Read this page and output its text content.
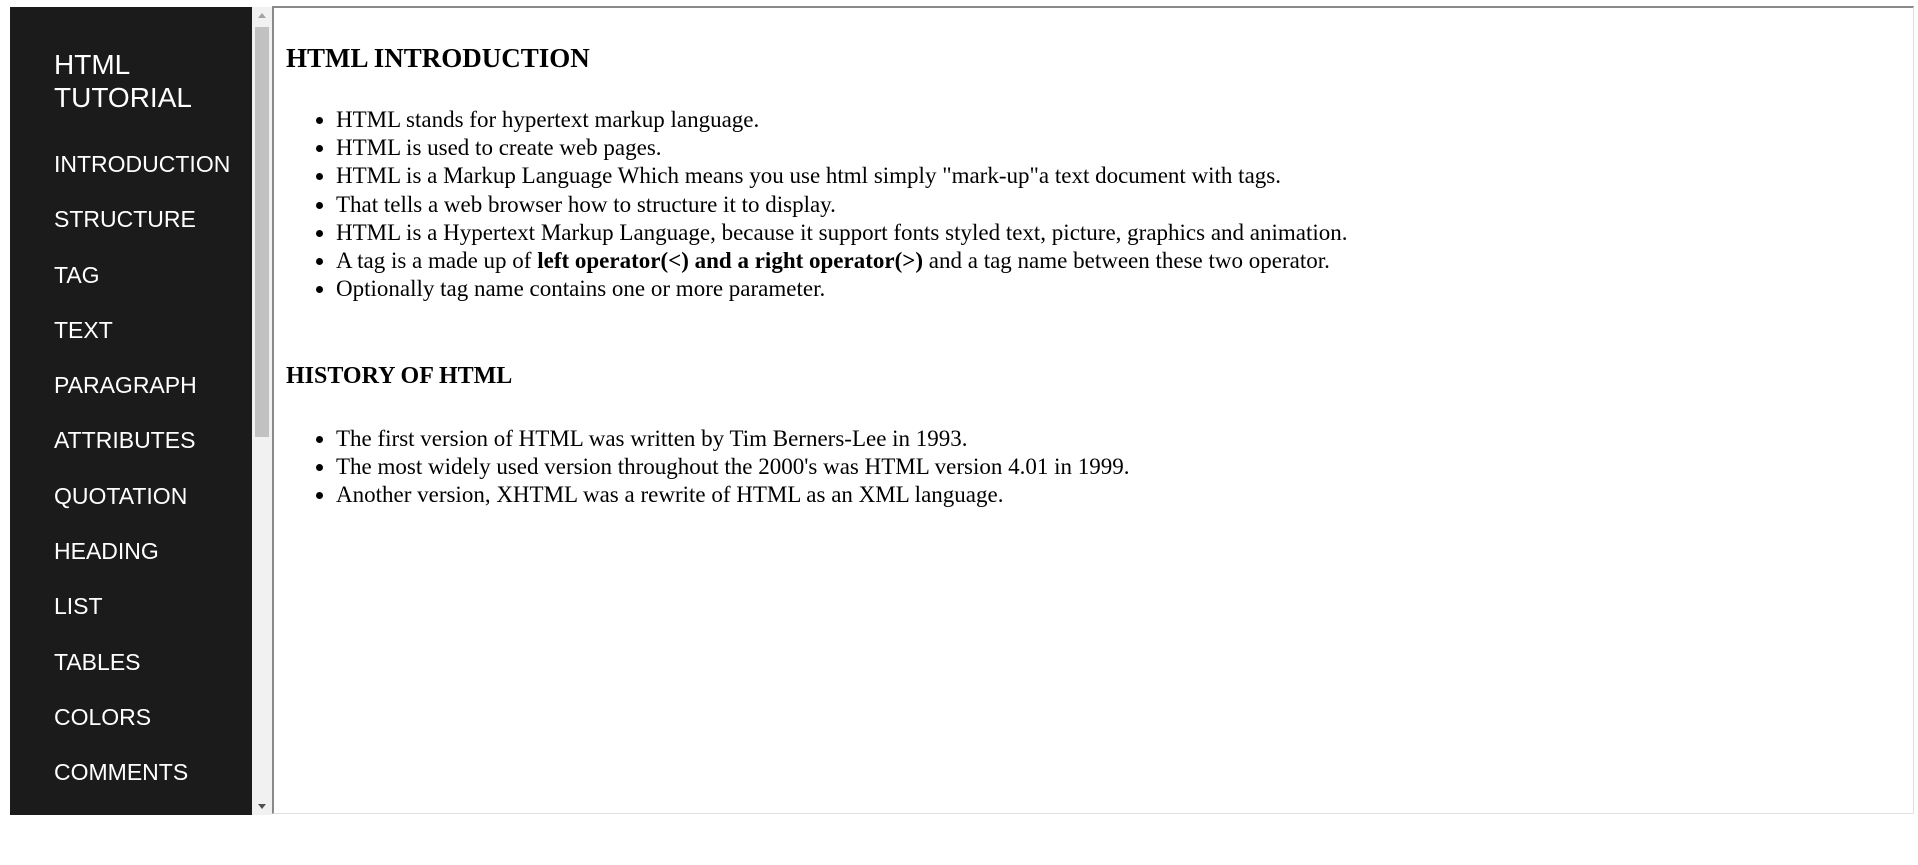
HTML TUTORIAL
INTRODUCTION
STRUCTURE
TAG
TEXT
PARAGRAPH
ATTRIBUTES
QUOTATION
HEADING
LIST
TABLES
COLORS
COMMENTS
ELEMENTS
HTML INTRODUCTION
• HTML stands for hypertext markup language.
• HTML is used to create web pages.
• HTML is a Markup Language Which means you use html simply "mark-up"a text document with tags.
• That tells a web browser how to structure it to display.
• HTML is a Hypertext Markup Language, because it support fonts styled text, picture, graphics and animation.
• A tag is a made up of left operator(<) and a right operator(>) and a tag name between these two operator.
• Optionally tag name contains one or more parameter.
HISTORY OF HTML
• The first version of HTML was written by Tim Berners-Lee in 1993.
• The most widely used version throughout the 2000's was HTML version 4.01 in 1999.
• Another version, XHTML was a rewrite of HTML as an XML language.
